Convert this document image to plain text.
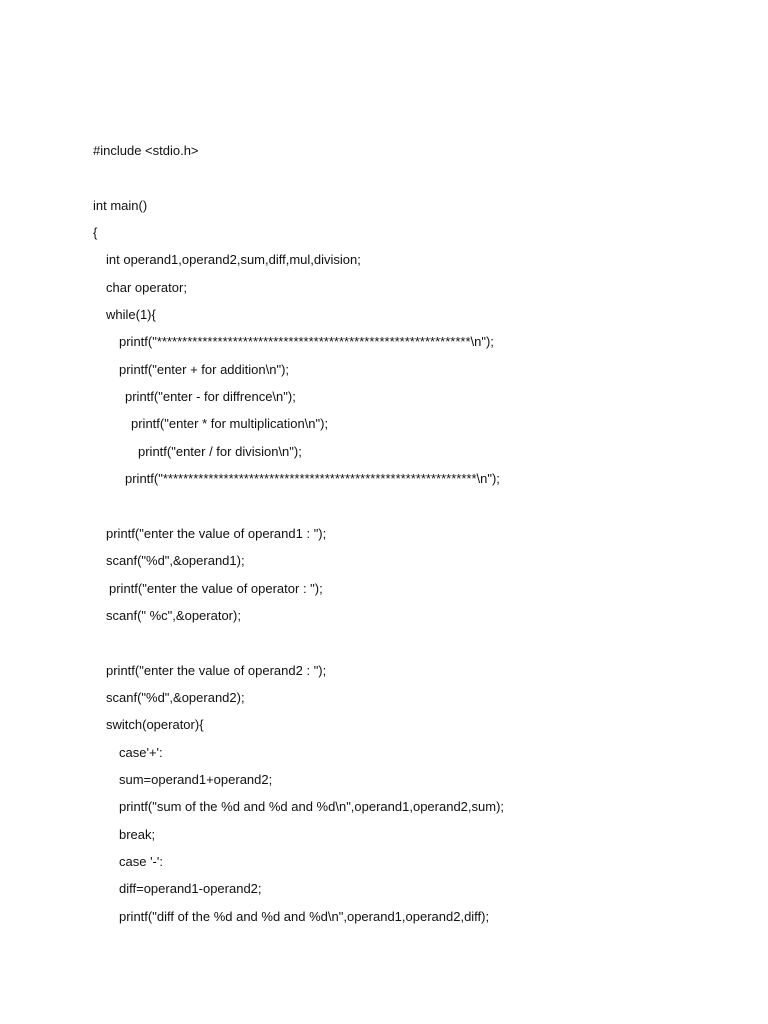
#include <stdio.h>
int main()
{
int operand1,operand2,sum,diff,mul,division;
char operator;
while(1){
printf("**************************************************************\n");
printf("enter + for addition\n");
printf("enter - for diffrence\n");
printf("enter * for multiplication\n");
printf("enter / for division\n");
printf("**************************************************************\n");
printf("enter the value of operand1 : ");
scanf("%d",&operand1);
printf("enter the value of operator : ");
scanf(" %c",&operator);
printf("enter the value of operand2 : ");
scanf("%d",&operand2);
switch(operator){
case'+':
sum=operand1+operand2;
printf("sum of the %d and %d and %d\n",operand1,operand2,sum);
break;
case '-':
diff=operand1-operand2;
printf("diff of the %d and %d and %d\n",operand1,operand2,diff);
